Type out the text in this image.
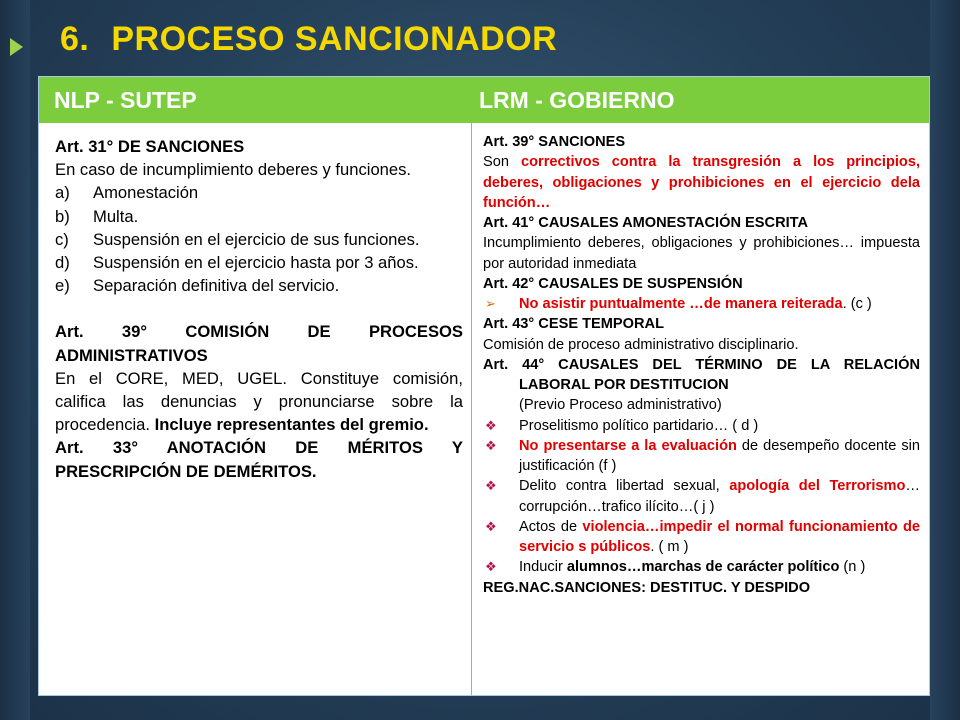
6. PROCESO SANCIONADOR
NLP - SUTEP	LRM - GOBIERNO

Art. 31° DE SANCIONES

En caso de incumplimiento deberes y funciones.

a) Amonestación
b) Multa.
c) Suspensión en el ejercicio de sus funciones.
d) Suspensión en el ejercicio hasta por 3 años.
e) Separación definitiva del servicio.

Art. 39° COMISIÓN DE PROCESOS ADMINISTRATIVOS

En el CORE, MED, UGEL. Constituye comisión, califica las denuncias y pronunciarse sobre la procedencia. Incluye representantes del gremio.

Art. 33° ANOTACIÓN DE MÉRITOS Y PRESCRIPCIÓN DE DEMÉRITOS.

Art. 39° SANCIONES

Son correctivos contra la transgresión a los principios, deberes, obligaciones y prohibiciones en el ejercicio dela función…

Art. 41° CAUSALES AMONESTACIÓN ESCRITA

Incumplimiento deberes, obligaciones y prohibiciones… impuesta por autoridad inmediata

Art. 42° CAUSALES DE SUSPENSIÓN

➢ No asistir puntualmente …de manera reiterada. (c )

Art. 43° CESE TEMPORAL

Comisión de proceso administrativo disciplinario.

Art. 44° CAUSALES DEL TÉRMINO DE LA RELACIÓN LABORAL POR DESTITUCION

(Previo Proceso administrativo)

❖ Proselitismo político partidario… ( d )
❖ No presentarse a la evaluación de desempeño docente sin justificación (f )
❖ Delito contra libertad sexual, apología del Terrorismo…corrupción…trafico ilícito…( j )
❖ Actos de violencia…impedir el normal funcionamiento de servicio s públicos. ( m )
❖ Inducir alumnos…marchas de carácter político (n )

REG.NAC.SANCIONES: DESTITUC. Y DESPIDO
